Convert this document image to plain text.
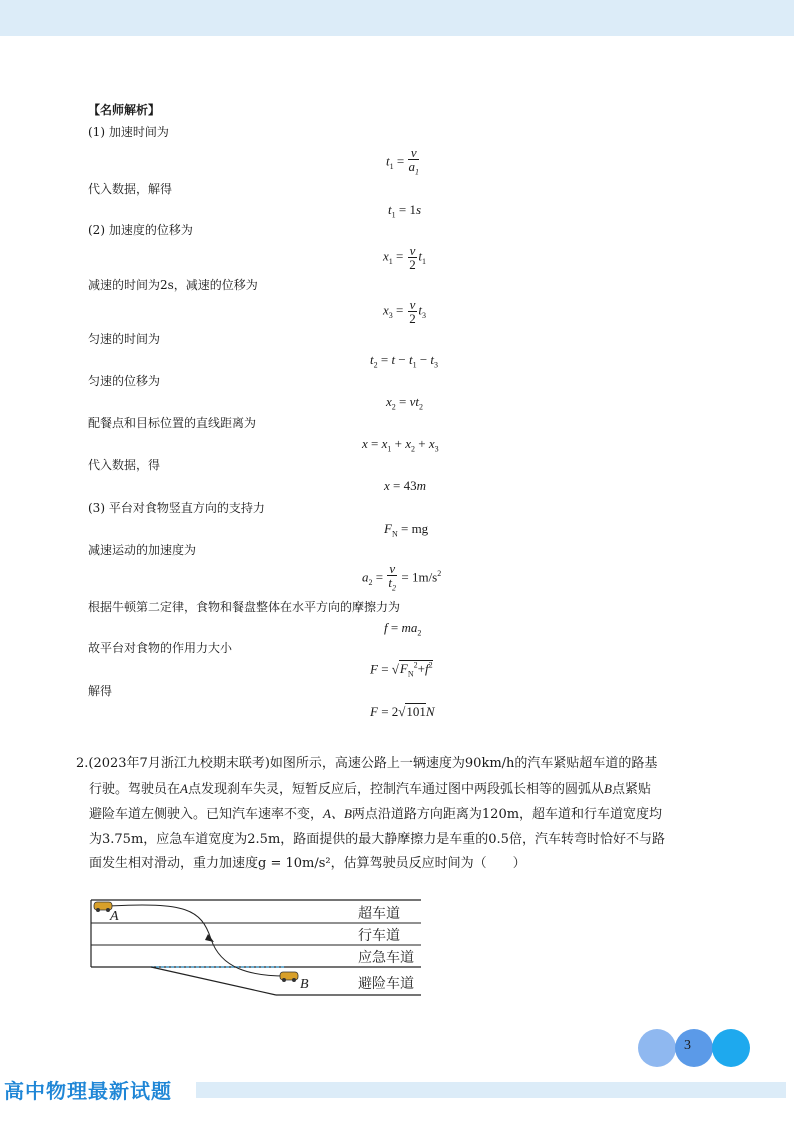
【名师解析】
(1) 加速时间为
$t_1 = \frac{v}{a_1}$
代入数据，解得
$t_1 = 1s$
(2) 加速度的位移为
$x_1 = \frac{v}{2} t_1$
减速的时间为2s，减速的位移为
$x_3 = \frac{v}{2} t_3$
匀速的时间为
$t_2 = t - t_1 - t_3$
匀速的位移为
$x_2 = vt_2$
配餐点和目标位置的直线距离为
$x = x_1 + x_2 + x_3$
代入数据，得
x = 43m
(3) 平台对食物竖直方向的支持力
$F_N$ = mg
减速运动的加速度为
$a_2 = \frac{v}{t_2} = 1m/s^2$
根据牛顿第二定律，食物和餐盘整体在水平方向的摩擦力为
$f = ma_2$
故平台对食物的作用力大小
$F = √F_N^2+f^2$
解得
F = 2√101N
2.(2023年7月浙江九校期末联考)如图所示，高速公路上一辆速度为90km/h的汽车紧贴超车道的路基
行驶。驾驶员在A点发现刹车失灵，短暂反应后，控制汽车通过图中两段弧长相等的圆弧从B点紧贴
避险车道左侧驶入。已知汽车速率不变，A、B两点沿道路方向距离为120m，超车道和行车道宽度均
为3.75m，应急车道宽度为2.5m，路面提供的最大静摩擦力是车重的0.5倍，汽车转弯时恰好不与路
面发生相对滑动，重力加速度g = 10m/s²，估算驾驶员反应时间为（　　）
A
B
超车道
行车道
应急车道
避险车道
3
高中物理最新试题
